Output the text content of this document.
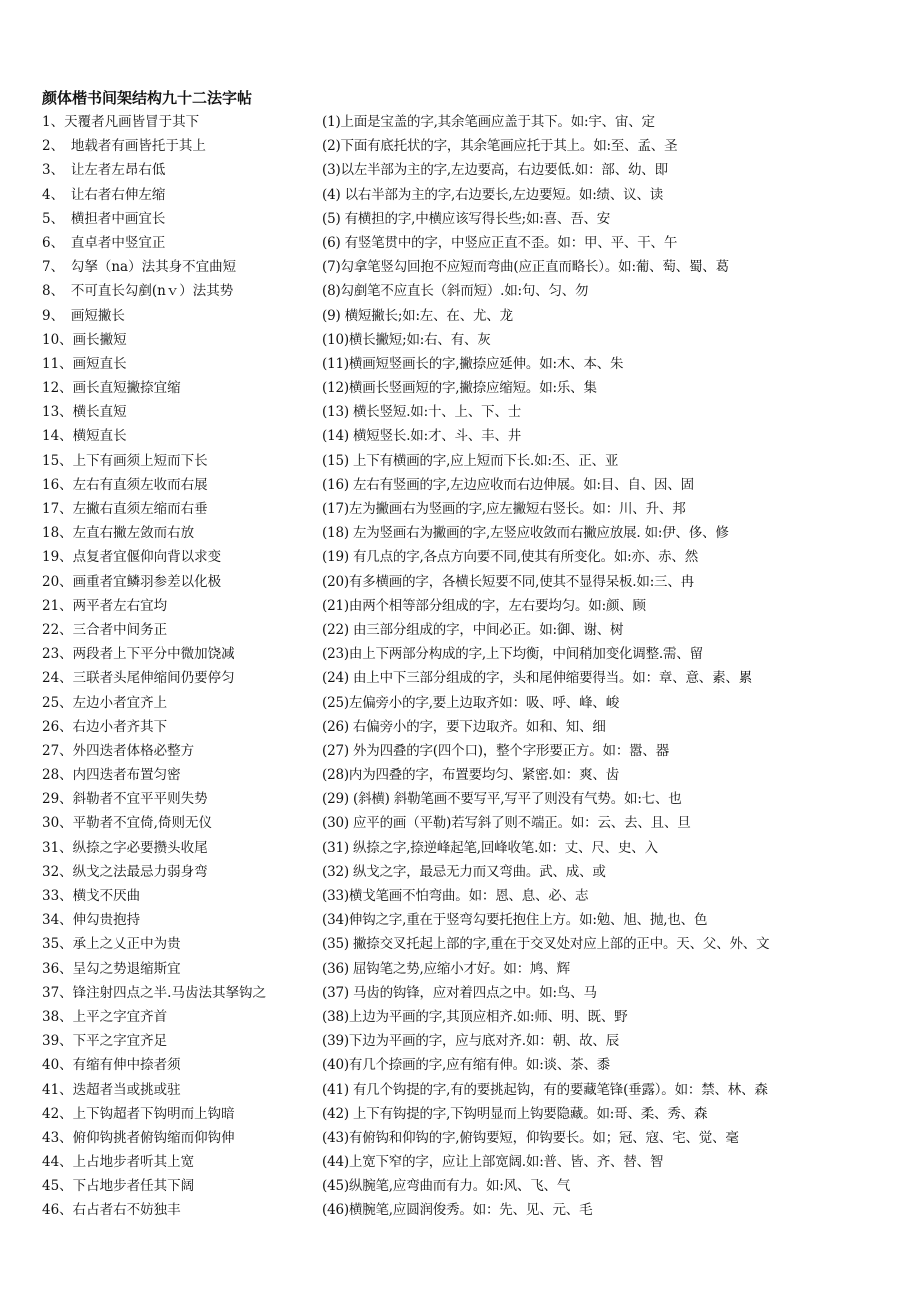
颜体楷书间架结构九十二法字帖
1、天覆者凡画皆冒于其下	(1)上面是宝盖的字,其余笔画应盖于其下。如:宇、宙、定
2、　地载者有画皆托于其上	(2)下面有底托状的字，其余笔画应托于其上。如:至、孟、圣
3、　让左者左昂右低	(3)以左半部为主的字,左边要高，右边要低.如：部、幼、即
4、　让右者右伸左缩	(4) 以右半部为主的字,右边要长,左边要短。如:绩、议、读
5、　横担者中画宜长	(5) 有横担的字,中横应该写得长些;如:喜、吾、安
6、　直卓者中竖宜正	(6) 有竖笔贯中的字，中竖应正直不歪。如：甲、平、干、午
7、　勾拏（na）法其身不宜曲短	(7)勾拿笔竖勾回抱不应短而弯曲(应正直而略长）。如:葡、萄、蜀、葛
8、　不可直长勾剷(nｖ）法其势	(8)勾剷笔不应直长（斜而短）.如:句、匀、勿
9、　画短撇长	(9) 横短撇长;如:左、在、尤、龙
10、画长撇短	(10)横长撇短;如:右、有、灰
11、画短直长	(11)横画短竖画长的字,撇捺应延伸。如:木、本、朱
12、画长直短撇捺宜缩	(12)横画长竖画短的字,撇捺应缩短。如:乐、集
13、横长直短	(13) 横长竖短.如:十、上、下、士
14、横短直长	(14) 横短竖长.如:才、斗、丰、井
15、上下有画须上短而下长	(15) 上下有横画的字,应上短而下长.如:丕、正、亚
16、左右有直须左收而右展	(16) 左右有竖画的字,左边应收而右边伸展。如:目、自、因、固
17、左撇右直须左缩而右垂	(17)左为撇画右为竖画的字,应左撇短右竖长。如：川、升、邦
18、左直右撇左敛而右放	(18) 左为竖画右为撇画的字,左竖应收敛而右撇应放展. 如:伊、侈、修
19、点复者宜偃仰向背以求变	(19) 有几点的字,各点方向要不同,使其有所变化。如:亦、赤、然
20、画重者宜鳞羽参差以化极	(20)有多横画的字，各横长短要不同,使其不显得呆板.如:三、冉
21、两平者左右宜均	(21)由两个相等部分组成的字，左右要均匀。如:颜、顾
22、三合者中间务正	(22) 由三部分组成的字，中间必正。如:御、谢、树
23、两段者上下平分中微加饶减	(23)由上下两部分构成的字,上下均衡，中间稍加变化调整.需、留
24、三联者头尾伸缩间仍要停匀	(24) 由上中下三部分组成的字，头和尾伸缩要得当。如：章、意、素、累
25、左边小者宜齐上	(25)左偏旁小的字,要上边取齐如：吸、呼、峰、峻
26、右边小者齐其下	(26) 右偏旁小的字，要下边取齐。如和、知、细
27、外四迭者体格必整方	(27) 外为四叠的字(四个口)，整个字形要正方。如：嚣、器
28、内四迭者布置匀密	(28)内为四叠的字，布置要均匀、紧密.如：爽、齿
29、斜勒者不宜平平则失势	(29) (斜横) 斜勒笔画不要写平,写平了则没有气势。如:七、也
30、平勒者不宜倚,倚则无仪	(30) 应平的画（平勒)若写斜了则不端正。如：云、去、且、旦
31、纵捺之字必要攒头收尾	(31) 纵捺之字,捺逆峰起笔,回峰收笔.如：丈、尺、史、入
32、纵戈之法最忌力弱身弯	(32) 纵戈之字，最忌无力而又弯曲。武、成、或
33、横戈不厌曲	(33)横戈笔画不怕弯曲。如：恩、息、必、志
34、伸勾贵抱持	(34)伸钩之字,重在于竖弯勾要托抱住上方。如:勉、旭、抛,也、色
35、承上之乂正中为贵	(35) 撇捺交叉托起上部的字,重在于交叉处对应上部的正中。天、父、外、文
36、呈勾之势退缩斯宜	(36) 屈钩笔之势,应缩小才好。如：鸠、辉
37、锋注射四点之半.马齿法其拏钩之	(37) 马齿的钩锋，应对着四点之中。如:鸟、马
38、上平之字宜齐首	(38)上边为平画的字,其顶应相齐.如:师、明、既、野
39、下平之字宜齐足	(39)下边为平画的字，应与底对齐.如：朝、故、辰
40、有缩有伸中捺者须	(40)有几个捺画的字,应有缩有伸。如:谈、茶、黍
41、迭超者当或挑或驻	(41) 有几个钩提的字,有的要挑起钩，有的要藏笔锋(垂露）。如：禁、林、森
42、上下钩超者下钩明而上钩暗	(42) 上下有钩提的字,下钩明显而上钩要隐藏。如:哥、柔、秀、森
43、俯仰钩挑者俯钩缩而仰钩伸	(43)有俯钩和仰钩的字,俯钩要短，仰钩要长。如；冠、寇、宅、觉、毫
44、上占地步者听其上宽	(44)上宽下窄的字，应让上部宽阔.如:普、皆、齐、替、智
45、下占地步者任其下阔	(45)纵腕笔,应弯曲而有力。如:风、飞、气
46、右占者右不妨独丰	(46)横腕笔,应圆润俊秀。如：先、见、元、毛
